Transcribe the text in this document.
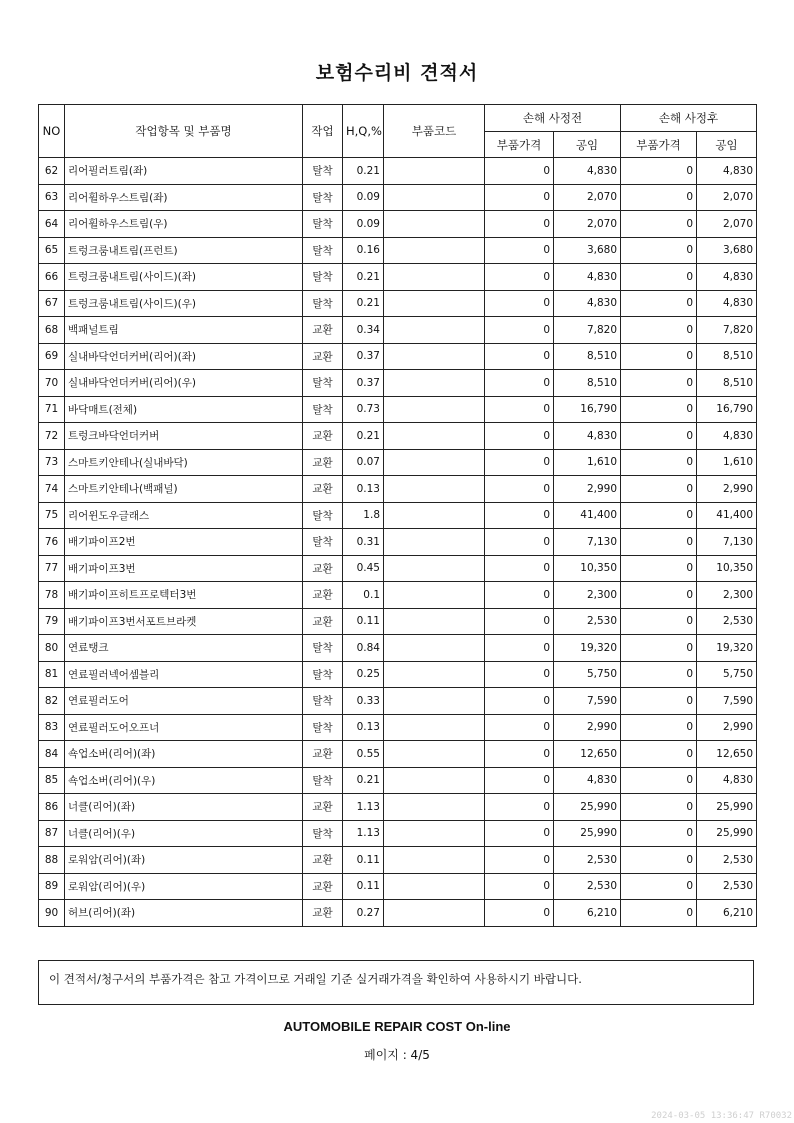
보험수리비 견적서
NO	작업항목 및 부품명	작업	H,Q,%	부품코드	손해 사정전		손해 사정후	
					부품가격	공임	부품가격	공임
62	리어필러트림(좌)	탈착	0.21		0	4,830	0	4,830
63	리어휠하우스트림(좌)	탈착	0.09		0	2,070	0	2,070
64	리어휠하우스트림(우)	탈착	0.09		0	2,070	0	2,070
65	트렁크룸내트림(프런트)	탈착	0.16		0	3,680	0	3,680
66	트렁크룸내트림(사이드)(좌)	탈착	0.21		0	4,830	0	4,830
67	트렁크룸내트림(사이드)(우)	탈착	0.21		0	4,830	0	4,830
68	백패널트림	교환	0.34		0	7,820	0	7,820
69	실내바닥언더커버(리어)(좌)	교환	0.37		0	8,510	0	8,510
70	실내바닥언더커버(리어)(우)	탈착	0.37		0	8,510	0	8,510
71	바닥매트(전체)	탈착	0.73		0	16,790	0	16,790
72	트렁크바닥언더커버	교환	0.21		0	4,830	0	4,830
73	스마트키안테나(실내바닥)	교환	0.07		0	1,610	0	1,610
74	스마트키안테나(백패널)	교환	0.13		0	2,990	0	2,990
75	리어윈도우글래스	탈착	1.8		0	41,400	0	41,400
76	배기파이프2번	탈착	0.31		0	7,130	0	7,130
77	배기파이프3번	교환	0.45		0	10,350	0	10,350
78	배기파이프히트프로텍터3번	교환	0.1		0	2,300	0	2,300
79	배기파이프3번서포트브라켓	교환	0.11		0	2,530	0	2,530
80	연료탱크	탈착	0.84		0	19,320	0	19,320
81	연료필러넥어셈블리	탈착	0.25		0	5,750	0	5,750
82	연료필러도어	탈착	0.33		0	7,590	0	7,590
83	연료필러도어오프너	탈착	0.13		0	2,990	0	2,990
84	쇽업소버(리어)(좌)	교환	0.55		0	12,650	0	12,650
85	쇽업소버(리어)(우)	탈착	0.21		0	4,830	0	4,830
86	너클(리어)(좌)	교환	1.13		0	25,990	0	25,990
87	너클(리어)(우)	탈착	1.13		0	25,990	0	25,990
88	로워암(리어)(좌)	교환	0.11		0	2,530	0	2,530
89	로워암(리어)(우)	교환	0.11		0	2,530	0	2,530
90	허브(리어)(좌)	교환	0.27		0	6,210	0	6,210
이 견적서/청구서의 부품가격은 참고 가격이므로 거래일 기준 실거래가격을 확인하여 사용하시기 바랍니다.
AUTOMOBILE REPAIR COST On-line
페이지 : 4/5
2024-03-05 13:36:47 R70032
